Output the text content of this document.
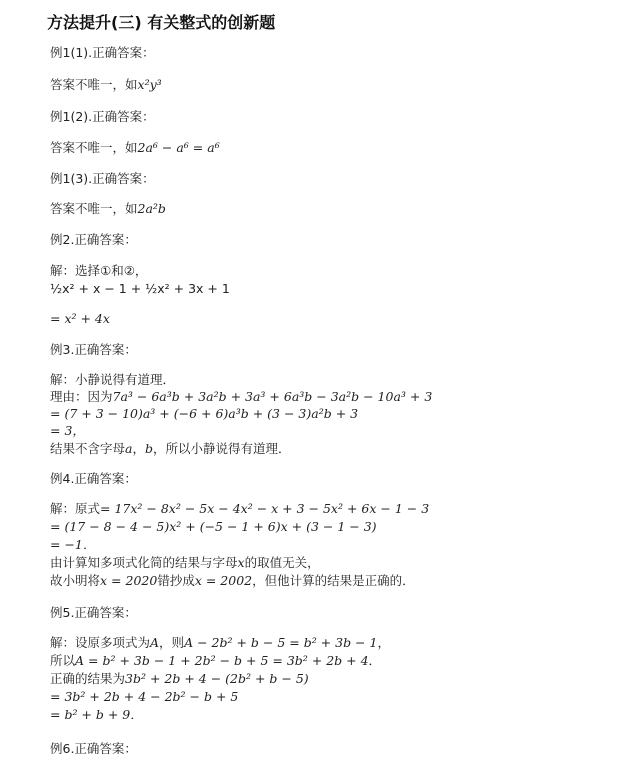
方法提升(三) 有关整式的创新题
例1(1).正确答案：
答案不唯一，如x²y³
例1(2).正确答案：
答案不唯一，如2a⁶ − a⁶ = a⁶
例1(3).正确答案：
答案不唯一，如2a²b
例2.正确答案：
解：选择①和②，
½x² + x − 1 + ½x² + 3x + 1
= x² + 4x
例3.正确答案：
解：小静说得有道理．
理由：因为7a³ − 6a³b + 3a²b + 3a³ + 6a³b − 3a²b − 10a³ + 3
= (7 + 3 − 10)a³ + (−6 + 6)a³b + (3 − 3)a²b + 3
= 3，
结果不含字母a，b，所以小静说得有道理．
例4.正确答案：
解：原式= 17x² − 8x² − 5x − 4x² − x + 3 − 5x² + 6x − 1 − 3
= (17 − 8 − 4 − 5)x² + (−5 − 1 + 6)x + (3 − 1 − 3)
= −1．
由计算知多项式化简的结果与字母x的取值无关，
故小明将x = 2020错抄成x = 2002，但他计算的结果是正确的．
例5.正确答案：
解：设原多项式为A，则A − 2b² + b − 5 = b² + 3b − 1，
所以A = b² + 3b − 1 + 2b² − b + 5 = 3b² + 2b + 4．
正确的结果为3b² + 2b + 4 − (2b² + b − 5)
= 3b² + 2b + 4 − 2b² − b + 5
= b² + b + 9．
例6.正确答案：
